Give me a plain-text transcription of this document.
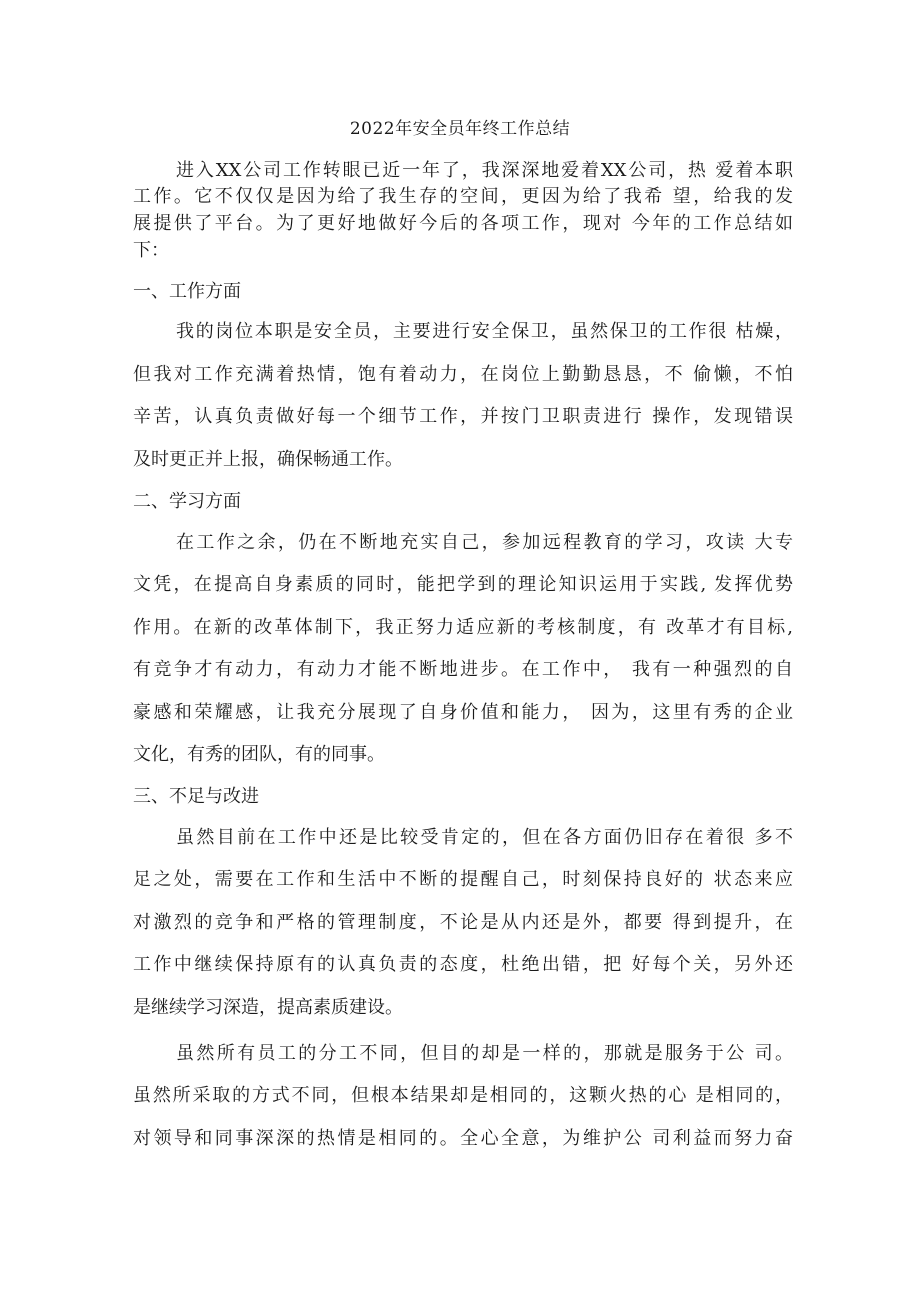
2022年安全员年终工作总结
进入XX公司工作转眼已近一年了，我深深地爱着XX公司，热 爱着本职
工作。它不仅仅是因为给了我生存的空间，更因为给了我希 望，给我的发
展提供了平台。为了更好地做好今后的各项工作，现对 今年的工作总结如
下：
一、工作方面
我的岗位本职是安全员，主要进行安全保卫，虽然保卫的工作很 枯燥，
但我对工作充满着热情，饱有着动力，在岗位上勤勤恳恳，不 偷懒，不怕
辛苦，认真负责做好每一个细节工作，并按门卫职责进行 操作，发现错误
及时更正并上报，确保畅通工作。
二、学习方面
在工作之余，仍在不断地充实自己，参加远程教育的学习，攻读 大专
文凭，在提高自身素质的同时，能把学到的理论知识运用于实践, 发挥优势
作用。在新的改革体制下，我正努力适应新的考核制度，有 改革才有目标,
有竞争才有动力，有动力才能不断地进步。在工作中， 我有一种强烈的自
豪感和荣耀感，让我充分展现了自身价值和能力， 因为，这里有秀的企业
文化，有秀的团队，有的同事。
三、不足与改进
虽然目前在工作中还是比较受肯定的，但在各方面仍旧存在着很 多不
足之处，需要在工作和生活中不断的提醒自己，时刻保持良好的 状态来应
对激烈的竞争和严格的管理制度，不论是从内还是外，都要 得到提升，在
工作中继续保持原有的认真负责的态度，杜绝出错，把 好每个关，另外还
是继续学习深造，提高素质建设。
虽然所有员工的分工不同，但目的却是一样的，那就是服务于公 司。
虽然所采取的方式不同，但根本结果却是相同的，这颗火热的心 是相同的，
对领导和同事深深的热情是相同的。全心全意，为维护公 司利益而努力奋
